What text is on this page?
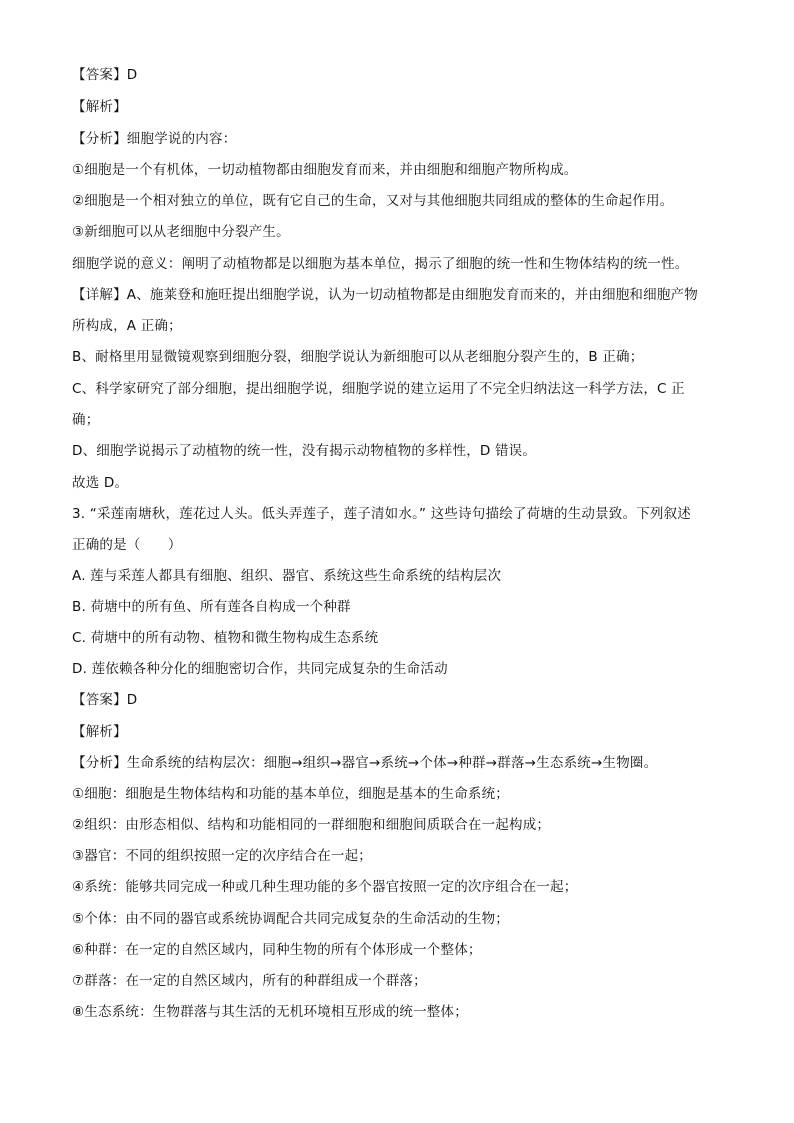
【答案】D
【解析】
【分析】细胞学说的内容：
①细胞是一个有机体，一切动植物都由细胞发育而来，并由细胞和细胞产物所构成。
②细胞是一个相对独立的单位，既有它自己的生命，又对与其他细胞共同组成的整体的生命起作用。
③新细胞可以从老细胞中分裂产生。
细胞学说的意义：阐明了动植物都是以细胞为基本单位，揭示了细胞的统一性和生物体结构的统一性。
【详解】A、施莱登和施旺提出细胞学说，认为一切动植物都是由细胞发育而来的，并由细胞和细胞产物
所构成，A 正确；
B、耐格里用显微镜观察到细胞分裂，细胞学说认为新细胞可以从老细胞分裂产生的，B 正确；
C、科学家研究了部分细胞，提出细胞学说，细胞学说的建立运用了不完全归纳法这一科学方法，C 正
确；
D、细胞学说揭示了动植物的统一性，没有揭示动物植物的多样性，D 错误。
故选 D。
3. “采莲南塘秋，莲花过人头。低头弄莲子，莲子清如水。” 这些诗句描绘了荷塘的生动景致。下列叙述
正确的是（　　）
A. 莲与采莲人都具有细胞、组织、器官、系统这些生命系统的结构层次
B. 荷塘中的所有鱼、所有莲各自构成一个种群
C. 荷塘中的所有动物、植物和微生物构成生态系统
D. 莲依赖各种分化的细胞密切合作，共同完成复杂的生命活动
【答案】D
【解析】
【分析】生命系统的结构层次：细胞→组织→器官→系统→个体→种群→群落→生态系统→生物圈。
①细胞：细胞是生物体结构和功能的基本单位，细胞是基本的生命系统；
②组织：由形态相似、结构和功能相同的一群细胞和细胞间质联合在一起构成；
③器官：不同的组织按照一定的次序结合在一起；
④系统：能够共同完成一种或几种生理功能的多个器官按照一定的次序组合在一起；
⑤个体：由不同的器官或系统协调配合共同完成复杂的生命活动的生物；
⑥种群：在一定的自然区域内，同种生物的所有个体形成一个整体；
⑦群落：在一定的自然区域内，所有的种群组成一个群落；
⑧生态系统：生物群落与其生活的无机环境相互形成的统一整体；
